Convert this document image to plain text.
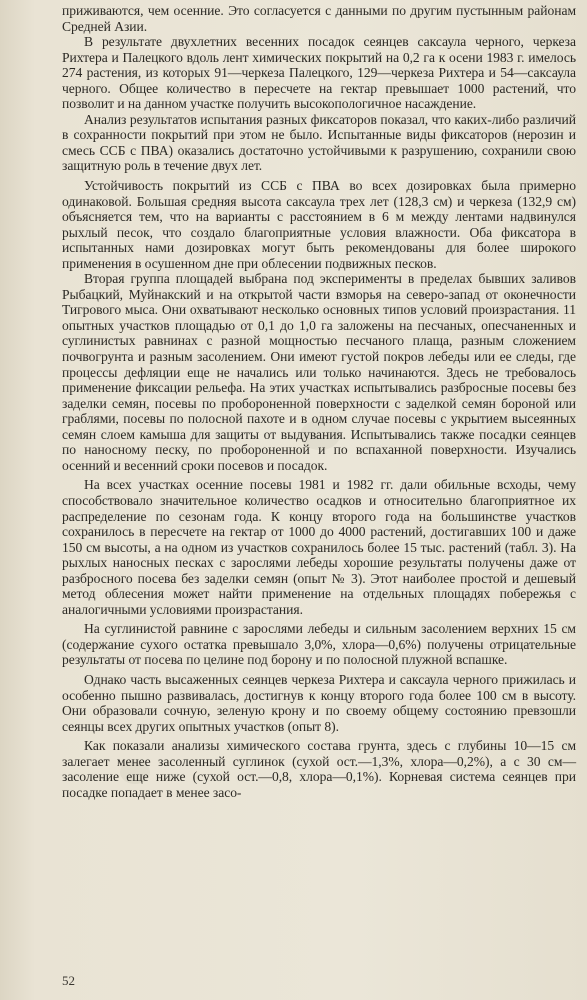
приживаются, чем осенние. Это согласуется с данными по другим пустынным районам Средней Азии.

В результате двухлетних весенних посадок сеянцев саксаула черного, черкеза Рихтера и Палецкого вдоль лент химических покрытий на 0,2 га к осени 1983 г. имелось 274 растения, из которых 91—черкеза Палецкого, 129—черкеза Рихтера и 54—саксаула черного. Общее количество в пересчете на гектар превышает 1000 растений, что позволит и на данном участке получить высокопологичное насаждение.

Анализ результатов испытания разных фиксаторов показал, что каких-либо различий в сохранности покрытий при этом не было. Испытанные виды фиксаторов (нерозин и смесь ССБ с ПВА) оказались достаточно устойчивыми к разрушению, сохранили свою защитную роль в течение двух лет.

Устойчивость покрытий из ССБ с ПВА во всех дозировках была примерно одинаковой. Большая средняя высота саксаула трех лет (128,3 см) и черкеза (132,9 см) объясняется тем, что на варианты с расстоянием в 6 м между лентами надвинулся рыхлый песок, что создало благоприятные условия влажности. Оба фиксатора в испытанных нами дозировках могут быть рекомендованы для более широкого применения в осушенном дне при облесении подвижных песков.

Вторая группа площадей выбрана под эксперименты в пределах бывших заливов Рыбацкий, Муйнакский и на открытой части взморья на северо-запад от оконечности Тигрового мыса. Они охватывают несколько основных типов условий произрастания. 11 опытных участков площадью от 0,1 до 1,0 га заложены на песчаных, опесчаненных и суглинистых равнинах с разной мощностью песчаного плаща, разным сложением почвогрунта и разным засолением. Они имеют густой покров лебеды или ее следы, где процессы дефляции еще не начались или только начинаются. Здесь не требовалось применение фиксации рельефа. На этих участках испытывались разбросные посевы без заделки семян, посевы по пробороненной поверхности с заделкой семян бороной или граблями, посевы по полосной пахоте и в одном случае посевы с укрытием высеянных семян слоем камыша для защиты от выдувания. Испытывались также посадки сеянцев по наносному песку, по пробороненной и по вспаханной поверхности. Изучались осенний и весенний сроки посевов и посадок.

На всех участках осенние посевы 1981 и 1982 гг. дали обильные всходы, чему способствовало значительное количество осадков и относительно благоприятное их распределение по сезонам года. К концу второго года на большинстве участков сохранилось в пересчете на гектар от 1000 до 4000 растений, достигавших 100 и даже 150 см высоты, а на одном из участков сохранилось более 15 тыс. растений (табл. 3). На рыхлых наносных песках с зарослями лебеды хорошие результаты получены даже от разбросного посева без заделки семян (опыт № 3). Этот наиболее простой и дешевый метод облесения может найти применение на отдельных площадях побережья с аналогичными условиями произрастания.

На суглинистой равнине с зарослями лебеды и сильным засолением верхних 15 см (содержание сухого остатка превышало 3,0%, хлора—0,6%) получены отрицательные результаты от посева по целине под борону и по полосной плужной вспашке.

Однако часть высаженных сеянцев черкеза Рихтера и саксаула черного прижилась и особенно пышно развивалась, достигнув к концу второго года более 100 см в высоту. Они образовали сочную, зеленую крону и по своему общему состоянию превзошли сеянцы всех других опытных участков (опыт 8).

Как показали анализы химического состава грунта, здесь с глубины 10—15 см залегает менее засоленный суглинок (сухой ост.—1,3%, хлора—0,2%), а с 30 см—засоление еще ниже (сухой ост.—0,8, хлора—0,1%). Корневая система сеянцев при посадке попадает в менее засо-

52
